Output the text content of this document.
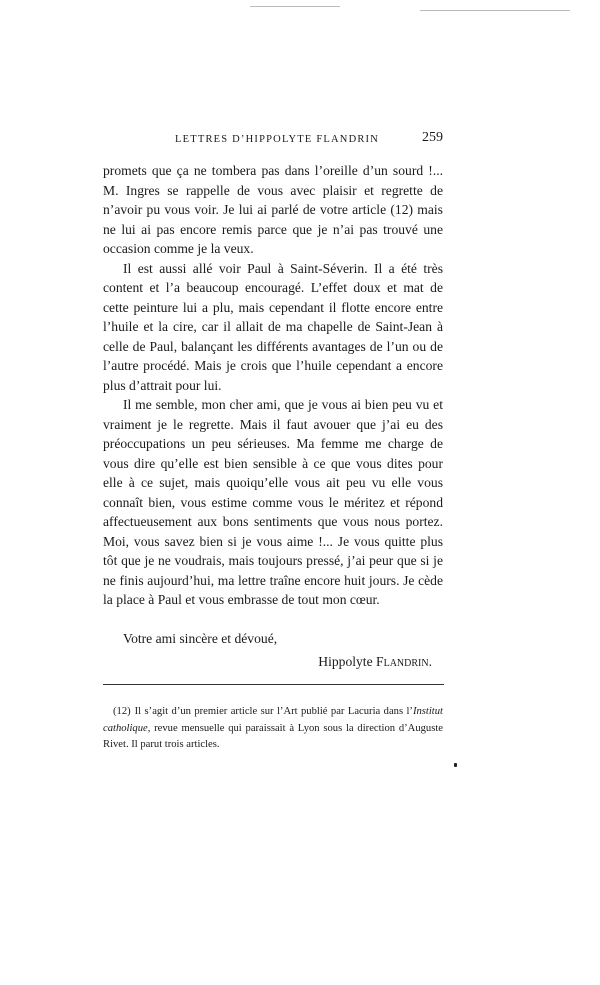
LETTRES D’HIPPOLYTE FLANDRIN	259

promets que ça ne tombera pas dans l’oreille d’un sourd !... M. Ingres se rappelle de vous avec plaisir et regrette de n’avoir pu vous voir. Je lui ai parlé de votre article (12) mais ne lui ai pas encore remis parce que je n’ai pas trouvé une occasion comme je la veux.

Il est aussi allé voir Paul à Saint-Séverin. Il a été très content et l’a beaucoup encouragé. L’effet doux et mat de cette peinture lui a plu, mais cependant il flotte encore entre l’huile et la cire, car il allait de ma chapelle de Saint-Jean à celle de Paul, balançant les différents avantages de l’un ou de l’autre procédé. Mais je crois que l’huile cependant a encore plus d’attrait pour lui.

Il me semble, mon cher ami, que je vous ai bien peu vu et vraiment je le regrette. Mais il faut avouer que j’ai eu des préoccupations un peu sérieuses. Ma femme me charge de vous dire qu’elle est bien sensible à ce que vous dites pour elle à ce sujet, mais quoiqu’elle vous ait peu vu elle vous connaît bien, vous estime comme vous le méritez et répond affectueusement aux bons sentiments que vous nous portez. Moi, vous savez bien si je vous aime !... Je vous quitte plus tôt que je ne voudrais, mais toujours pressé, j’ai peur que si je ne finis aujourd’hui, ma lettre traîne encore huit jours. Je cède la place à Paul et vous embrasse de tout mon cœur.

Votre ami sincère et dévoué,

Hippolyte Flandrin.

(12) Il s’agit d’un premier article sur l’Art publié par Lacuria dans l’Institut catholique, revue mensuelle qui paraissait à Lyon sous la direction d’Auguste Rivet. Il parut trois articles.
